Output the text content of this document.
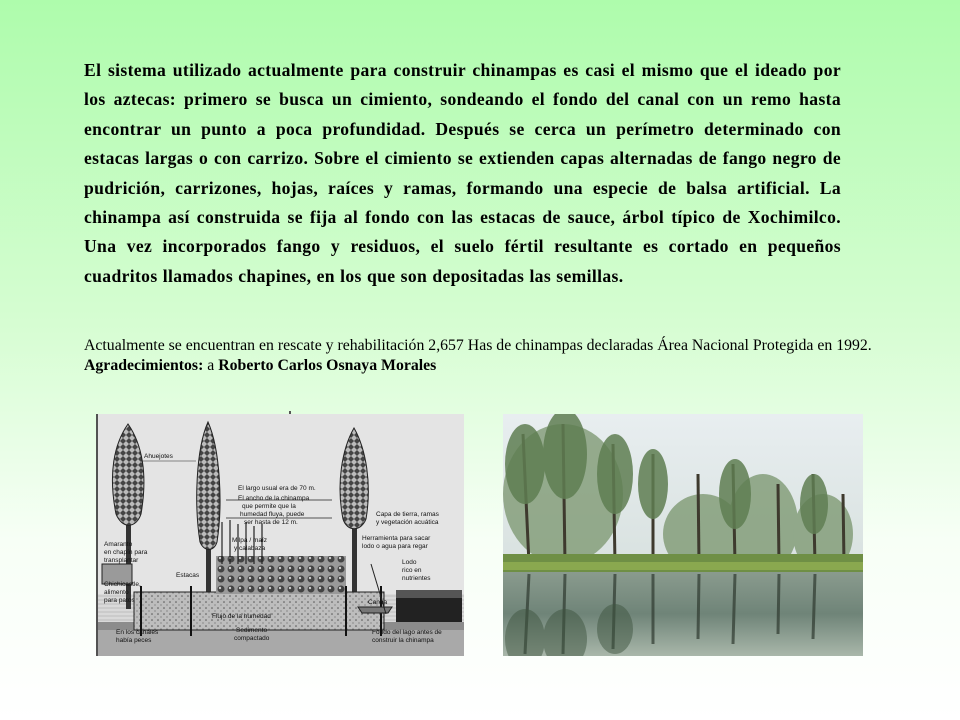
El sistema utilizado actualmente para construir chinampas es casi el mismo que el ideado por los aztecas: primero se busca un cimiento, sondeando el fondo del canal con un remo hasta encontrar un punto a poca profundidad. Después se cerca un perímetro determinado con estacas largas o con carrizo. Sobre el cimiento se extienden capas alternadas de fango negro de pudrición, carrizones, hojas, raíces y ramas, formando una especie de balsa artificial. La chinampa así construida se fija al fondo con las estacas de sauce, árbol típico de Xochimilco. Una vez incorporados fango y residuos, el suelo fértil resultante es cortado en pequeños cuadritos llamados chapines, en los que son depositadas las semillas.

Actualmente se encuentran en rescate y rehabilitación 2,657 Has de chinampas declaradas Área Nacional Protegida en 1992. Agradecimientos: a Roberto Carlos Osnaya Morales

Ahuejotes
El largo usual era de 70 m.
El ancho de la chinampa
que permite que la
humedad fluya, puede
ser hasta de 12 m.
Milpa / maíz
y calabaza
Capa de tierra, ramas
y vegetación acuática
Herramienta para sacar
lodo o agua para regar
Amaranto
en chapín para
transplantar
Estacas
Lodo
rico en
nutrientes
Chichicastle,
alimento
para patos	Canoa
Flujo de la humedad
Sedimento
compactado
En los canales
había peces
Fondo del lago antes de
construir la chinampa
